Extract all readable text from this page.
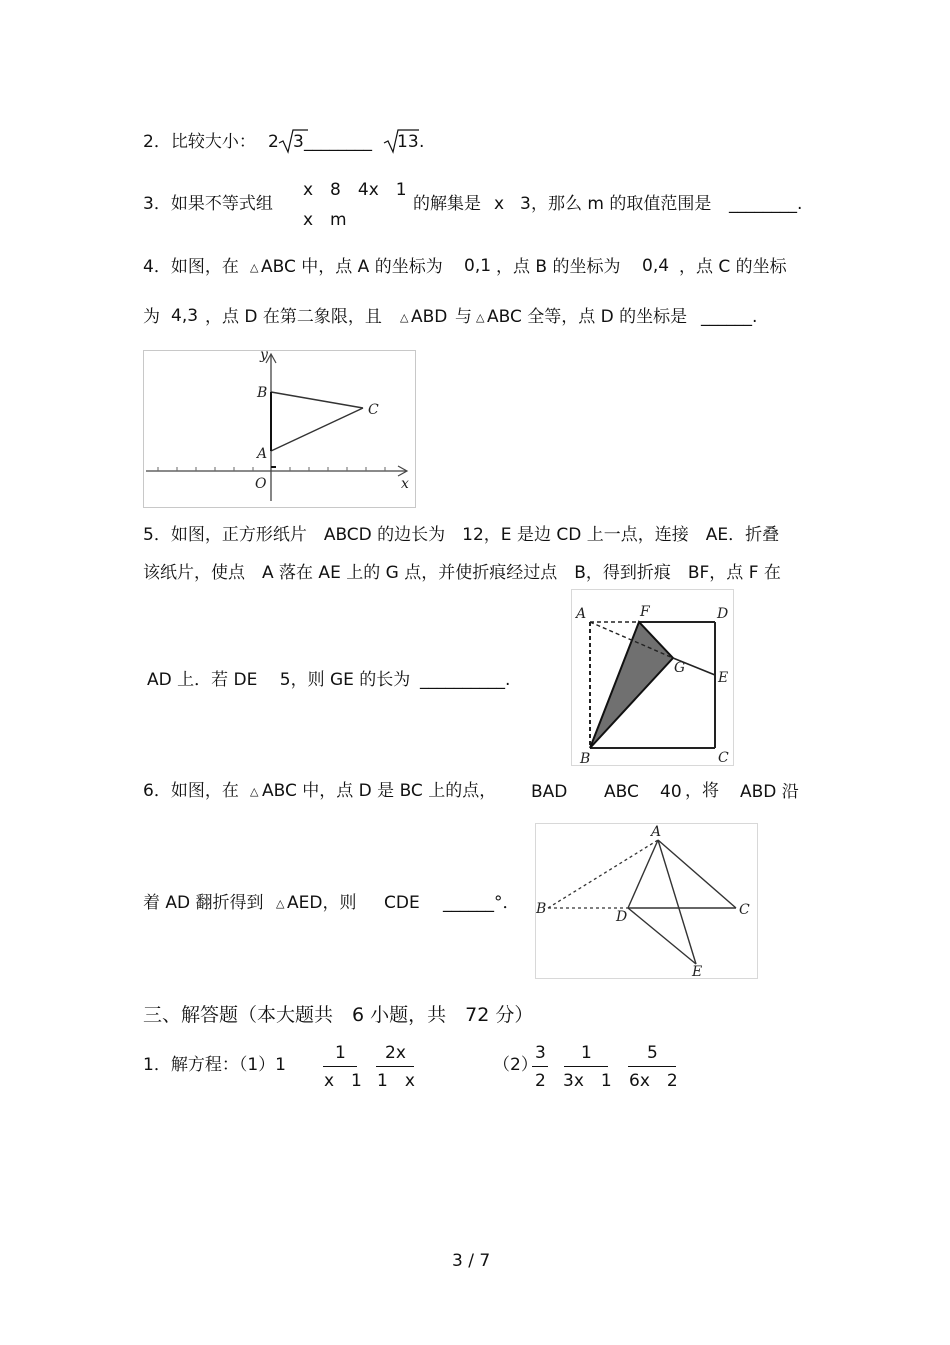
2．比较大小： 2 3 ________ 13 .
3．如果不等式组
x　8　4x　1
x　m
的解集是 x 3 ，那么 m 的取值范围是 ________.
4．如图，在 △ ABC 中，点 A 的坐标为 0,1 ，点 B 的坐标为 0,4 ，点 C 的坐标
为 4,3 ，点 D 在第二象限，且 △ ABD 与 △ ABC 全等，点 D 的坐标是 ______.
y
x
B
C
A
O
5．如图，正方形纸片　ABCD 的边长为　12，E 是边 CD 上一点，连接　AE．折叠
该纸片，使点　A 落在 AE 上的 G 点，并使折痕经过点　B，得到折痕　BF，点 F 在
AD 上．若 DE　 5，则 GE 的长为 __________.
A	F	D
G
E
B	C
6．如图，在 △ ABC 中，点 D 是 BC 上的点， BAD ABC 40 ，将 ABD 沿
着 AD 翻折得到 △ AED，则 CDE ______°．
A
B	D	C
E
三、解答题（本大题共　6 小题，共　72 分）
1．解方程：（1）1
1
x　1
2x
1　x
（2）
3
2
1
3x　1
5
6x　2
3 / 7
